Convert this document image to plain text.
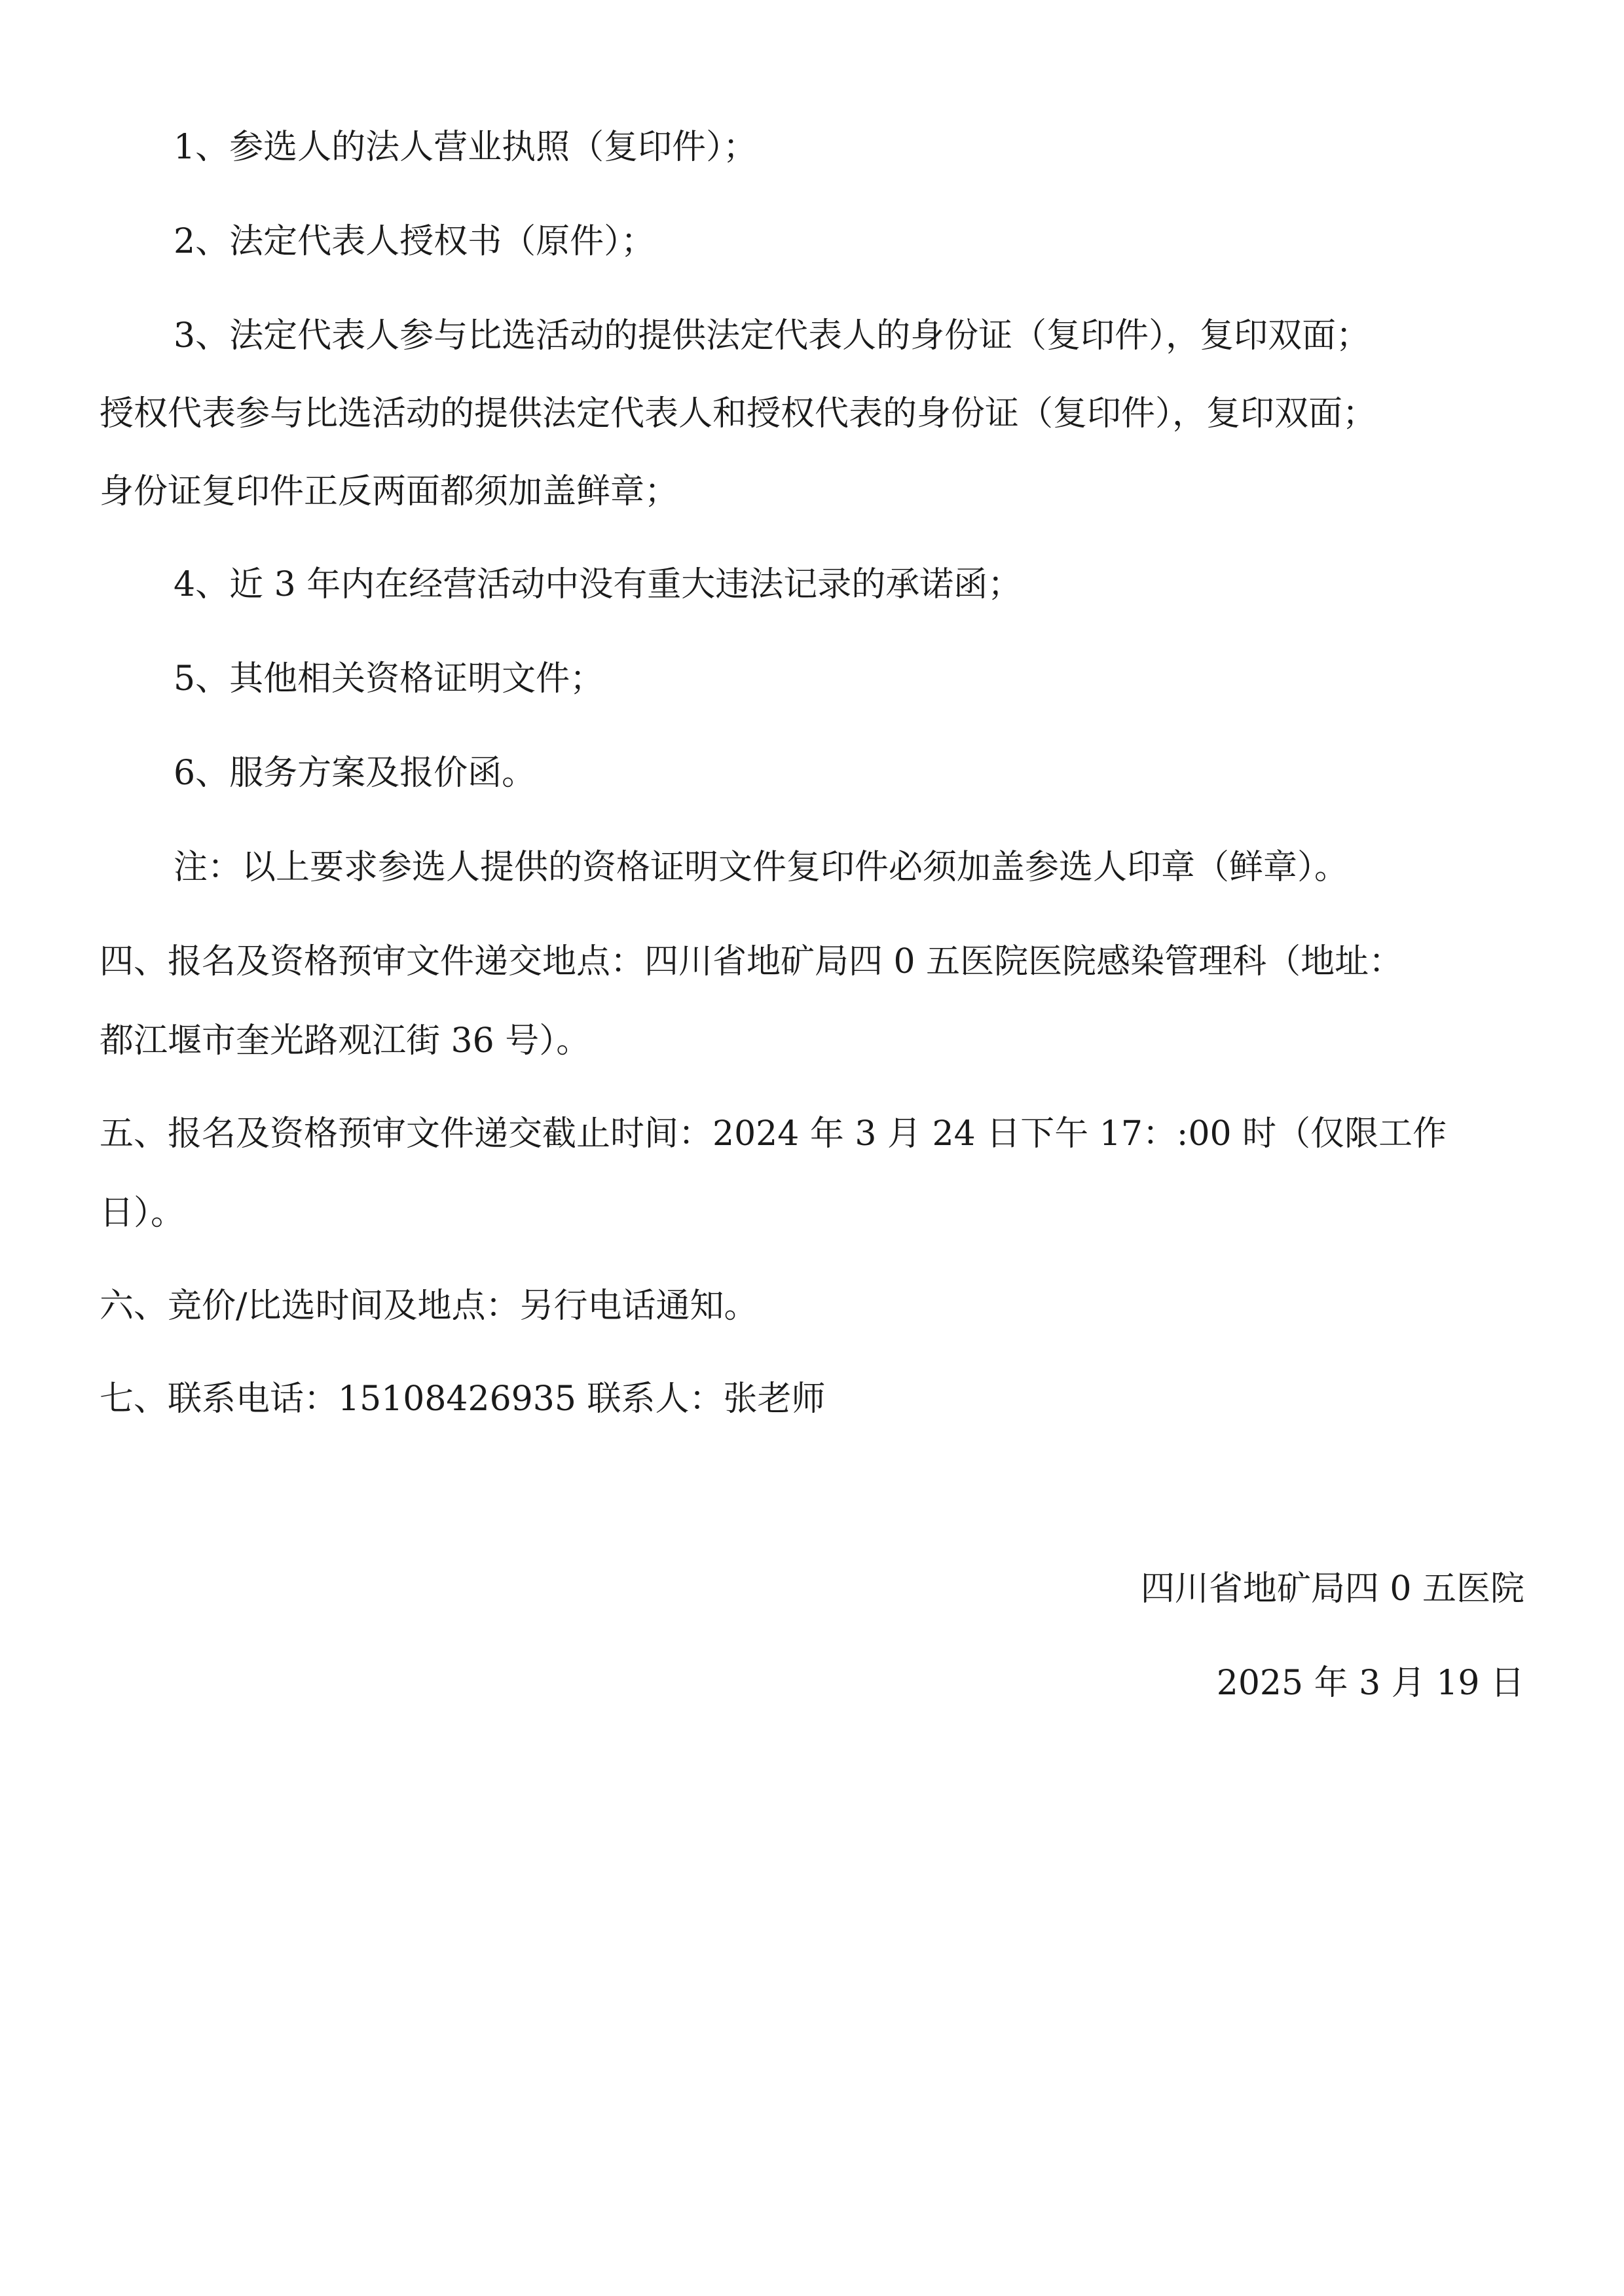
1、参选人的法人营业执照（复印件）；
2、法定代表人授权书（原件）；
3、法定代表人参与比选活动的提供法定代表人的身份证（复印件），复印双面；
授权代表参与比选活动的提供法定代表人和授权代表的身份证（复印件），复印双面；
身份证复印件正反两面都须加盖鲜章；
4、近 3 年内在经营活动中没有重大违法记录的承诺函；
5、其他相关资格证明文件；
6、服务方案及报价函。
注：以上要求参选人提供的资格证明文件复印件必须加盖参选人印章（鲜章）。
四、报名及资格预审文件递交地点：四川省地矿局四 0 五医院医院感染管理科（地址：
都江堰市奎光路观江街 36 号）。
五、报名及资格预审文件递交截止时间：2024 年 3 月 24 日下午 17：:00 时（仅限工作
日）。
六、竞价/比选时间及地点：另行电话通知。
七、联系电话：15108426935 联系人：张老师
四川省地矿局四 0 五医院
2025 年 3 月 19 日
